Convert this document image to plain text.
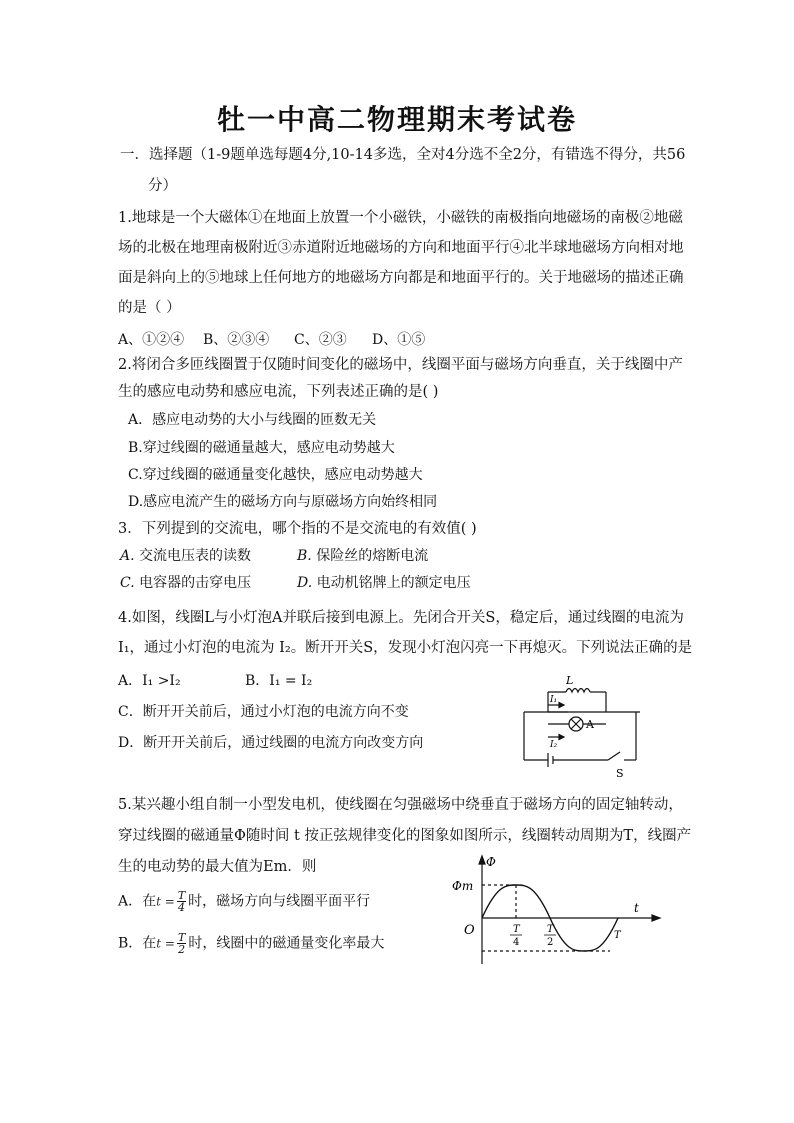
牡一中高二物理期末考试卷
一．选择题（1-9题单选每题4分,10-14多选，全对4分选不全2分，有错选不得分，共56
分）
1.地球是一个大磁体①在地面上放置一个小磁铁，小磁铁的南极指向地磁场的南极②地磁
场的北极在地理南极附近③赤道附近地磁场的方向和地面平行④北半球地磁场方向相对地
面是斜向上的⑤地球上任何地方的地磁场方向都是和地面平行的。关于地磁场的描述正确
的是（ ）
A、①②④ B、②③④ C、②③ D、①⑤
2.将闭合多匝线圈置于仅随时间变化的磁场中，线圈平面与磁场方向垂直，关于线圈中产
生的感应电动势和感应电流，下列表述正确的是( )
A．感应电动势的大小与线圈的匝数无关
B.穿过线圈的磁通量越大，感应电动势越大
C.穿过线圈的磁通量变化越快，感应电动势越大
D.感应电流产生的磁场方向与原磁场方向始终相同
3．下列提到的交流电，哪个指的不是交流电的有效值( )
A. 交流电压表的读数	B. 保险丝的熔断电流
C. 电容器的击穿电压	D. 电动机铭牌上的额定电压
4.如图，线圈L与小灯泡A并联后接到电源上。先闭合开关S，稳定后，通过线圈的电流为
I₁，通过小灯泡的电流为 I₂。断开开关S，发现小灯泡闪亮一下再熄灭。下列说法正确的是
A．I₁ >I₂	B．I₁ = I₂
C．断开开关前后，通过小灯泡的电流方向不变
D．断开开关前后，通过线圈的电流方向改变方向
L
I₁
A
I₂
S
5.某兴趣小组自制一小型发电机，使线圈在匀强磁场中绕垂直于磁场方向的固定轴转动，
穿过线圈的磁通量Φ随时间 t 按正弦规律变化的图象如图所示，线圈转动周期为T，线圈产
生的电动势的最大值为Em．则
A．在$t = \frac{T}{4}$ 时，磁场方向与线圈平面平行
B．在$t = \frac{T}{2}$ 时，线圈中的磁通量变化率最大
Φ
Φm
O
t
T
4
T
2
T
